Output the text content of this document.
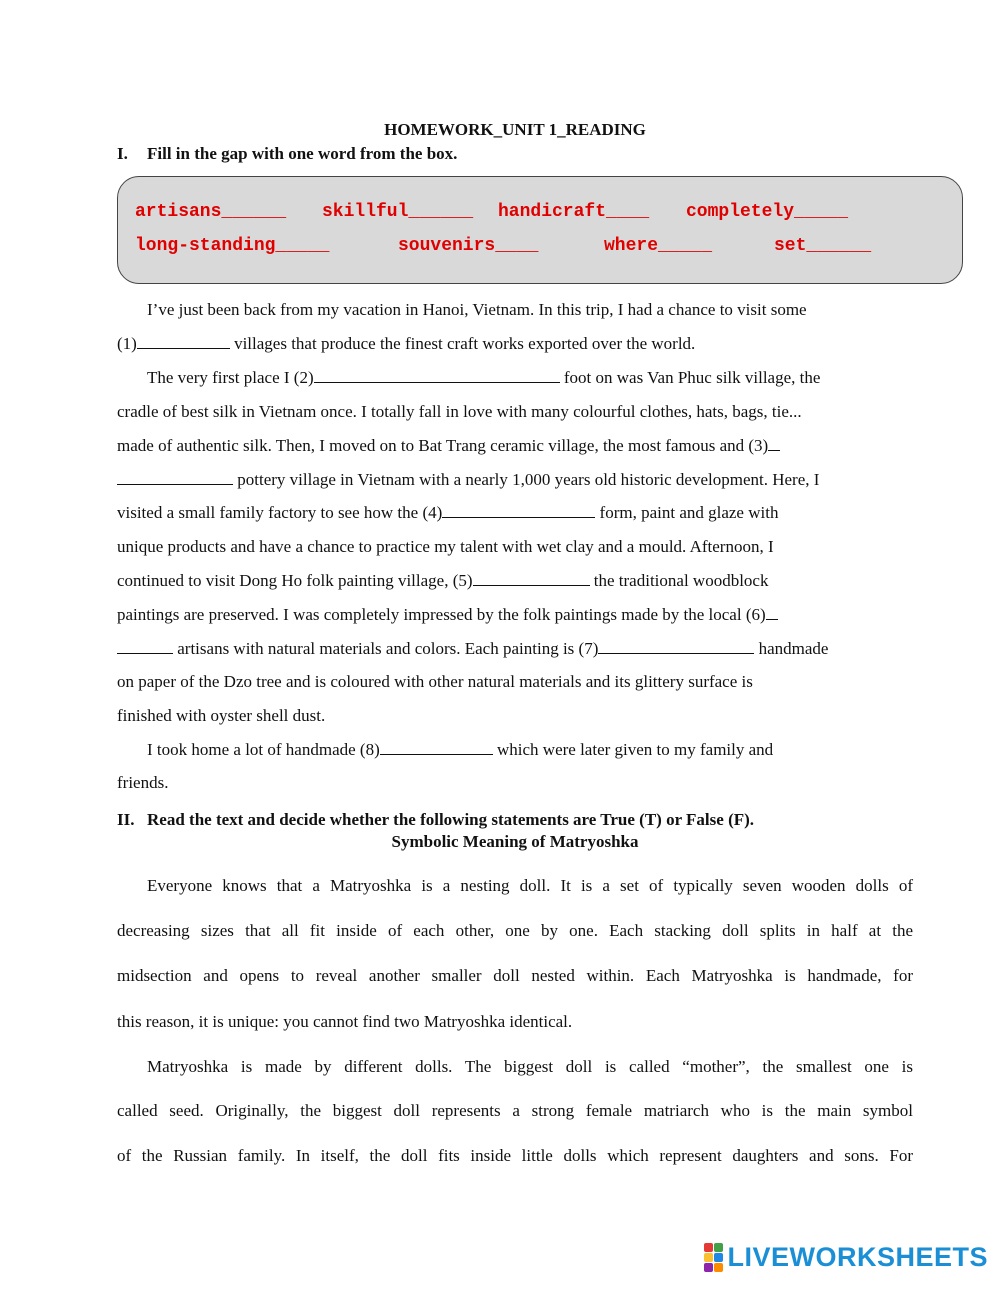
HOMEWORK_UNIT 1_READING
I. Fill in the gap with one word from the box.
artisans______ skillful______ handicraft____ completely_____
long-standing_____	souvenirs____	where_____	set______
I’ve just been back from my vacation in Hanoi, Vietnam. In this trip, I had a chance to visit some
(1)	villages that produce the finest craft works exported over the world.
The very first place I (2)	foot on was Van Phuc silk village, the
cradle of best silk in Vietnam once. I totally fall in love with many colourful clothes, hats, bags, tie...
made of authentic silk. Then, I moved on to Bat Trang ceramic village, the most famous and (3)
pottery village in Vietnam with a nearly 1,000 years old historic development. Here, I
visited a small family factory to see how the (4)	form, paint and glaze with
unique products and have a chance to practice my talent with wet clay and a mould. Afternoon, I
continued to visit Dong Ho folk painting village, (5)	the traditional woodblock
paintings are preserved. I was completely impressed by the folk paintings made by the local (6)
artisans with natural materials and colors. Each painting is (7)	handmade
on paper of the Dzo tree and is coloured with other natural materials and its glittery surface is
finished with oyster shell dust.
I took home a lot of handmade (8)	which were later given to my family and
friends.
II. Read the text and decide whether the following statements are True (T) or False (F).
Symbolic Meaning of Matryoshka
Everyone knows that a Matryoshka is a nesting doll. It is a set of typically seven wooden dolls of
decreasing sizes that all fit inside of each other, one by one. Each stacking doll splits in half at the
midsection and opens to reveal another smaller doll nested within. Each Matryoshka is handmade, for
this reason, it is unique: you cannot find two Matryoshka identical.
Matryoshka is made by different dolls. The biggest doll is called “mother”, the smallest one is
called seed. Originally, the biggest doll represents a strong female matriarch who is the main symbol
of the Russian family. In itself, the doll fits inside little dolls which represent daughters and sons. For
LIVEWORKSHEETS
